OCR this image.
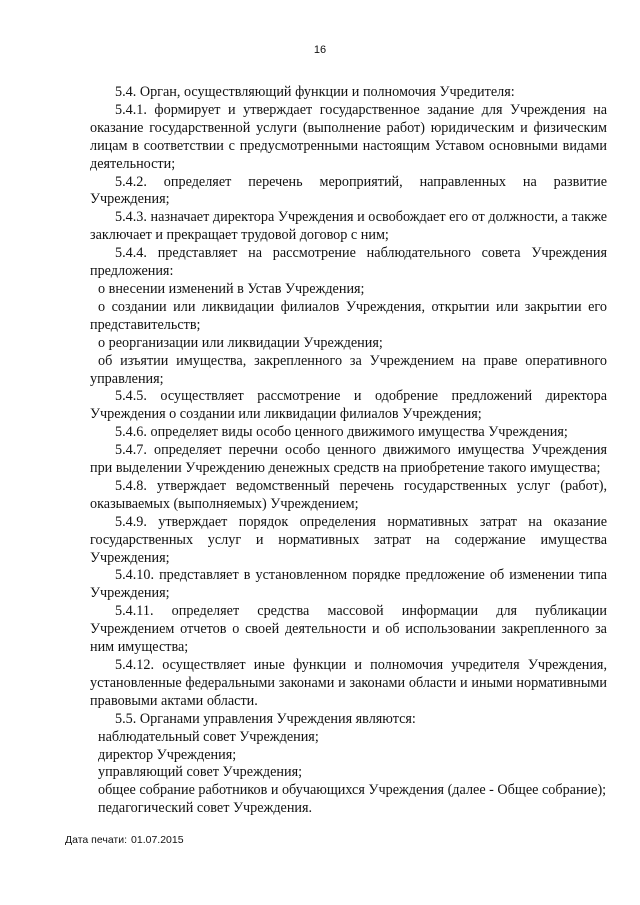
16

5.4. Орган, осуществляющий функции и полномочия Учредителя:

5.4.1. формирует и утверждает государственное задание для Учреждения на оказание государственной услуги (выполнение работ) юридическим и физическим лицам в соответствии с предусмотренными настоящим Уставом основными видами деятельности;

5.4.2. определяет перечень мероприятий, направленных на развитие Учреждения;

5.4.3. назначает директора Учреждения и освобождает его от должности, а также заключает и прекращает трудовой договор с ним;

5.4.4. представляет на рассмотрение наблюдательного совета Учреждения предложения:

о внесении изменений в Устав Учреждения;

о создании или ликвидации филиалов Учреждения, открытии или закрытии его представительств;

о реорганизации или ликвидации Учреждения;

об изъятии имущества, закрепленного за Учреждением на праве оперативного управления;

5.4.5. осуществляет рассмотрение и одобрение предложений директора Учреждения о создании или ликвидации филиалов Учреждения;

5.4.6. определяет виды особо ценного движимого имущества Учреждения;

5.4.7. определяет перечни особо ценного движимого имущества Учреждения при выделении Учреждению денежных средств на приобретение такого имущества;

5.4.8. утверждает ведомственный перечень государственных услуг (работ), оказываемых (выполняемых) Учреждением;

5.4.9. утверждает порядок определения нормативных затрат на оказание государственных услуг и нормативных затрат на содержание имущества Учреждения;

5.4.10. представляет в установленном порядке предложение об изменении типа Учреждения;

5.4.11. определяет средства массовой информации для публикации Учреждением отчетов о своей деятельности и об использовании закрепленного за ним имущества;

5.4.12. осуществляет иные функции и полномочия учредителя Учреждения, установленные федеральными законами и законами области и иными нормативными правовыми актами области.

5.5. Органами управления Учреждения являются:

наблюдательный совет Учреждения;

директор Учреждения;

управляющий совет Учреждения;

общее собрание работников и обучающихся Учреждения (далее - Общее собрание);

педагогический совет Учреждения.

Дата печати: 01.07.2015
